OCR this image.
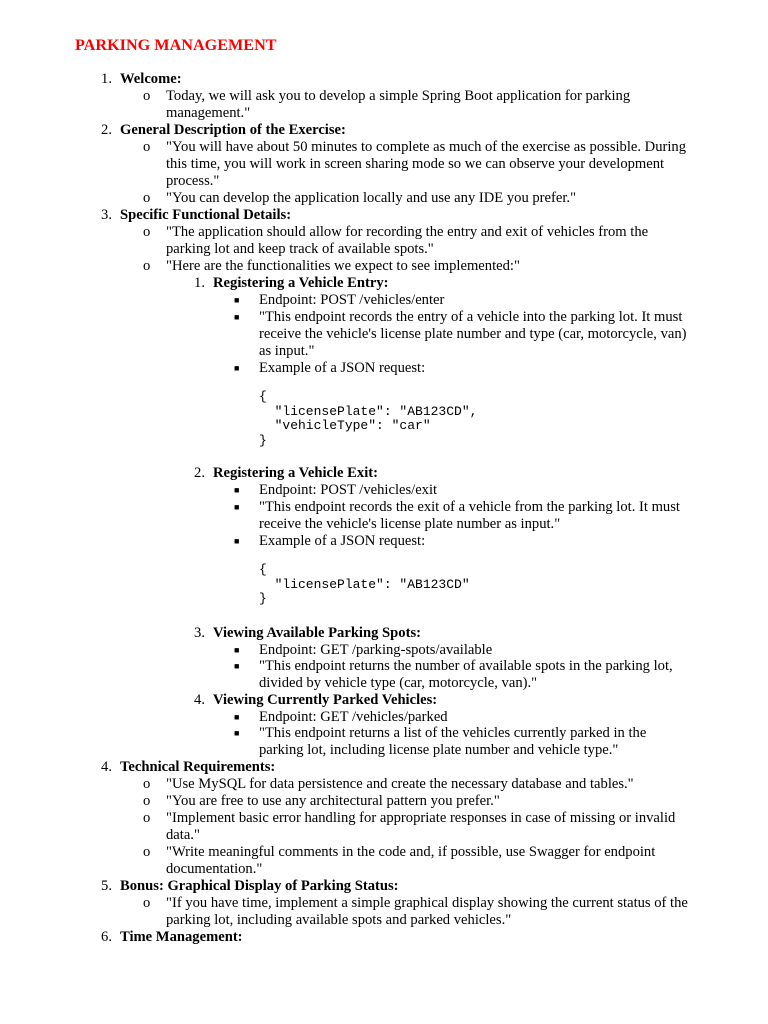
PARKING MANAGEMENT
1. Welcome:
o Today, we will ask you to develop a simple Spring Boot application for parking management."
2. General Description of the Exercise:
o "You will have about 50 minutes to complete as much of the exercise as possible. During this time, you will work in screen sharing mode so we can observe your development process."
o "You can develop the application locally and use any IDE you prefer."
3. Specific Functional Details:
o "The application should allow for recording the entry and exit of vehicles from the parking lot and keep track of available spots."
o "Here are the functionalities we expect to see implemented:"
1. Registering a Vehicle Entry:
■ Endpoint: POST /vehicles/enter
■ "This endpoint records the entry of a vehicle into the parking lot. It must receive the vehicle's license plate number and type (car, motorcycle, van) as input."
■ Example of a JSON request:
{
"licensePlate": "AB123CD",
"vehicleType": "car"
}
2. Registering a Vehicle Exit:
■ Endpoint: POST /vehicles/exit
■ "This endpoint records the exit of a vehicle from the parking lot. It must receive the vehicle's license plate number as input."
■ Example of a JSON request:
{
"licensePlate": "AB123CD"
}
3. Viewing Available Parking Spots:
■ Endpoint: GET /parking-spots/available
■ "This endpoint returns the number of available spots in the parking lot, divided by vehicle type (car, motorcycle, van)."
4. Viewing Currently Parked Vehicles:
■ Endpoint: GET /vehicles/parked
■ "This endpoint returns a list of the vehicles currently parked in the parking lot, including license plate number and vehicle type."
4. Technical Requirements:
o "Use MySQL for data persistence and create the necessary database and tables."
o "You are free to use any architectural pattern you prefer."
o "Implement basic error handling for appropriate responses in case of missing or invalid data."
o "Write meaningful comments in the code and, if possible, use Swagger for endpoint documentation."
5. Bonus: Graphical Display of Parking Status:
o "If you have time, implement a simple graphical display showing the current status of the parking lot, including available spots and parked vehicles."
6. Time Management:
